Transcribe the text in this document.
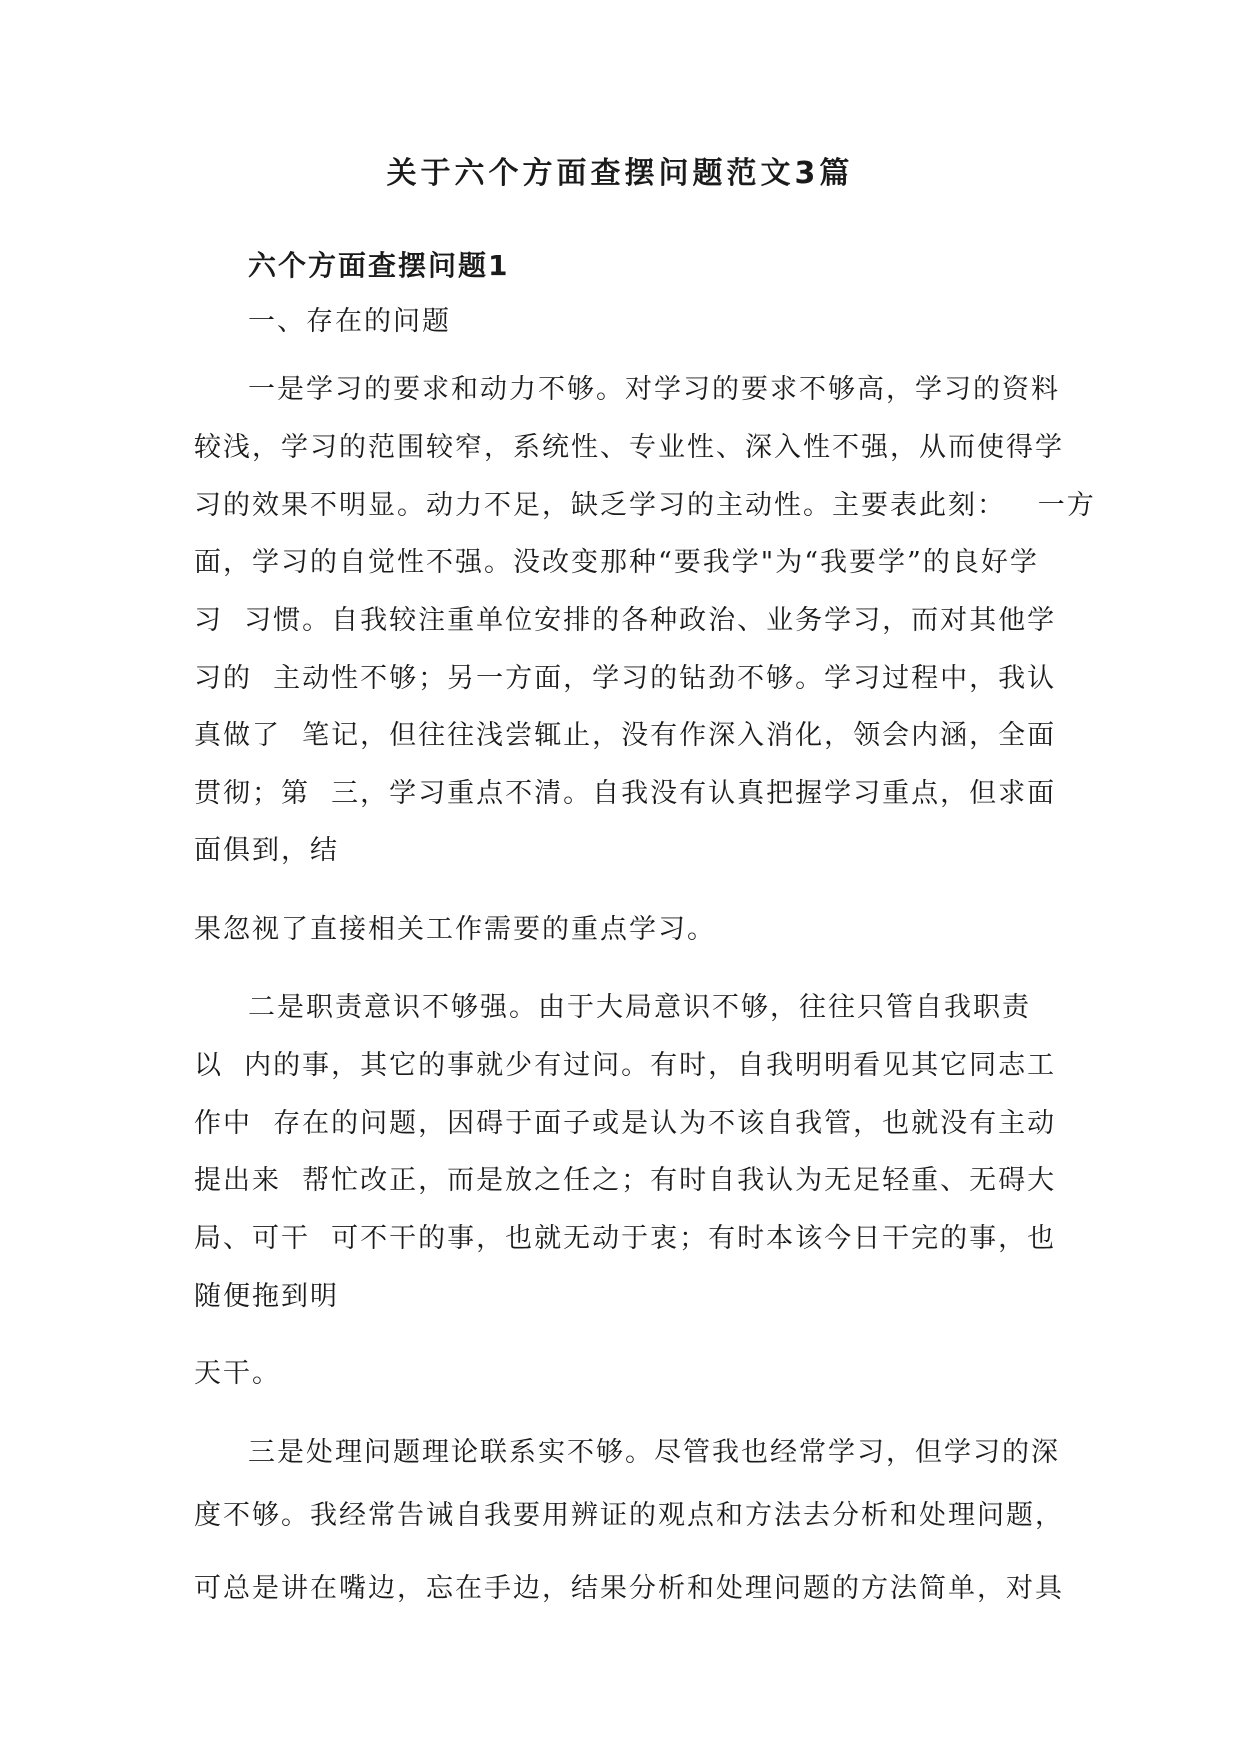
关于六个方面查摆问题范文3篇
六个方面查摆问题1
一、存在的问题
一是学习的要求和动力不够。对学习的要求不够高，学习的资料
较浅，学习的范围较窄，系统性、专业性、深入性不强，从而使得学
习的效果不明显。动力不足，缺乏学习的主动性。主要表此刻：   一方
面，学习的自觉性不强。没改变那种“要我学"为“我要学”的良好学
习  习惯。自我较注重单位安排的各种政治、业务学习，而对其他学
习的  主动性不够；另一方面，学习的钻劲不够。学习过程中，我认
真做了  笔记，但往往浅尝辄止，没有作深入消化，领会内涵，全面
贯彻；第  三，学习重点不清。自我没有认真把握学习重点，但求面
面俱到，结
果忽视了直接相关工作需要的重点学习。
二是职责意识不够强。由于大局意识不够，往往只管自我职责
以  内的事，其它的事就少有过问。有时，自我明明看见其它同志工
作中  存在的问题，因碍于面子或是认为不该自我管，也就没有主动
提出来  帮忙改正，而是放之任之；有时自我认为无足轻重、无碍大
局、可干  可不干的事，也就无动于衷；有时本该今日干完的事，也
随便拖到明
天干。
三是处理问题理论联系实不够。尽管我也经常学习，但学习的深
度不够。我经常告诫自我要用辨证的观点和方法去分析和处理问题，
可总是讲在嘴边，忘在手边，结果分析和处理问题的方法简单，对具
